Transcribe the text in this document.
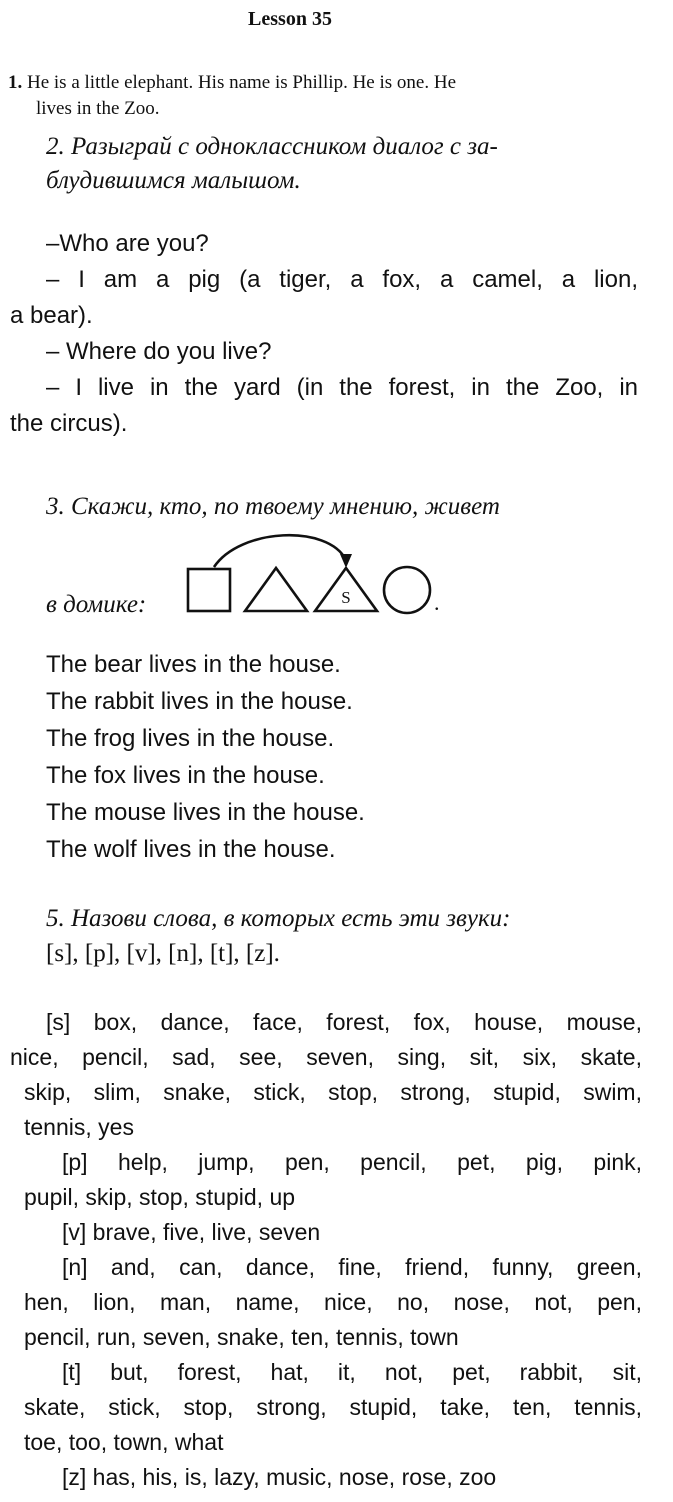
Lesson 35
1. He is a little elephant. His name is Phillip. He is one. He
lives in the Zoo.
2. Разыграй с одноклассником диалог с за-
блудившимся малышом.
–Who are you?
– I am a pig (a tiger, a fox, a camel, a lion,
a bear).
– Where do you live?
– I live in the yard (in the forest, in the Zoo, in
the circus).
3. Скажи, кто, по твоему мнению, живет
в домике:	S	.
The bear lives in the house.
The rabbit lives in the house.
The frog lives in the house.
The fox lives in the house.
The mouse lives in the house.
The wolf lives in the house.
5. Назови слова, в которых есть эти звуки:
[s], [p], [v], [n], [t], [z].
[s] box, dance, face, forest, fox, house, mouse,
nice, pencil, sad, see, seven, sing, sit, six, skate,
skip, slim, snake, stick, stop, strong, stupid, swim,
tennis, yes
[p] help, jump, pen, pencil, pet, pig, pink,
pupil, skip, stop, stupid, up
[v] brave, five, live, seven
[n] and, can, dance, fine, friend, funny, green,
hen, lion, man, name, nice, no, nose, not, pen,
pencil, run, seven, snake, ten, tennis, town
[t] but, forest, hat, it, not, pet, rabbit, sit,
skate, stick, stop, strong, stupid, take, ten, tennis,
toe, too, town, what
[z] has, his, is, lazy, music, nose, rose, zoo
